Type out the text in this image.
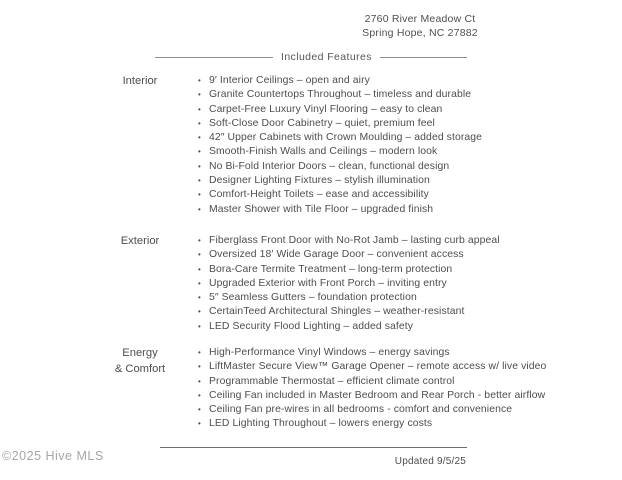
2760 River Meadow Ct
Spring Hope, NC 27882
Included Features
Interior	• 9′ Interior Ceilings – open and airy
• Granite Countertops Throughout – timeless and durable
• Carpet-Free Luxury Vinyl Flooring – easy to clean
• Soft-Close Door Cabinetry – quiet, premium feel
• 42″ Upper Cabinets with Crown Moulding – added storage
• Smooth-Finish Walls and Ceilings – modern look
• No Bi-Fold Interior Doors – clean, functional design
• Designer Lighting Fixtures – stylish illumination
• Comfort-Height Toilets – ease and accessibility
• Master Shower with Tile Floor – upgraded finish
Exterior	• Fiberglass Front Door with No-Rot Jamb – lasting curb appeal
• Oversized 18′ Wide Garage Door – convenient access
• Bora-Care Termite Treatment – long-term protection
• Upgraded Exterior with Front Porch – inviting entry
• 5″ Seamless Gutters – foundation protection
• CertainTeed Architectural Shingles – weather-resistant
• LED Security Flood Lighting – added safety
Energy
& Comfort
• High-Performance Vinyl Windows – energy savings
• LiftMaster Secure View™ Garage Opener – remote access w/ live video
• Programmable Thermostat – efficient climate control
• Ceiling Fan included in Master Bedroom and Rear Porch - better airflow
• Ceiling Fan pre-wires in all bedrooms - comfort and convenience
• LED Lighting Throughout – lowers energy costs
©2025 Hive MLS	Updated 9/5/25
